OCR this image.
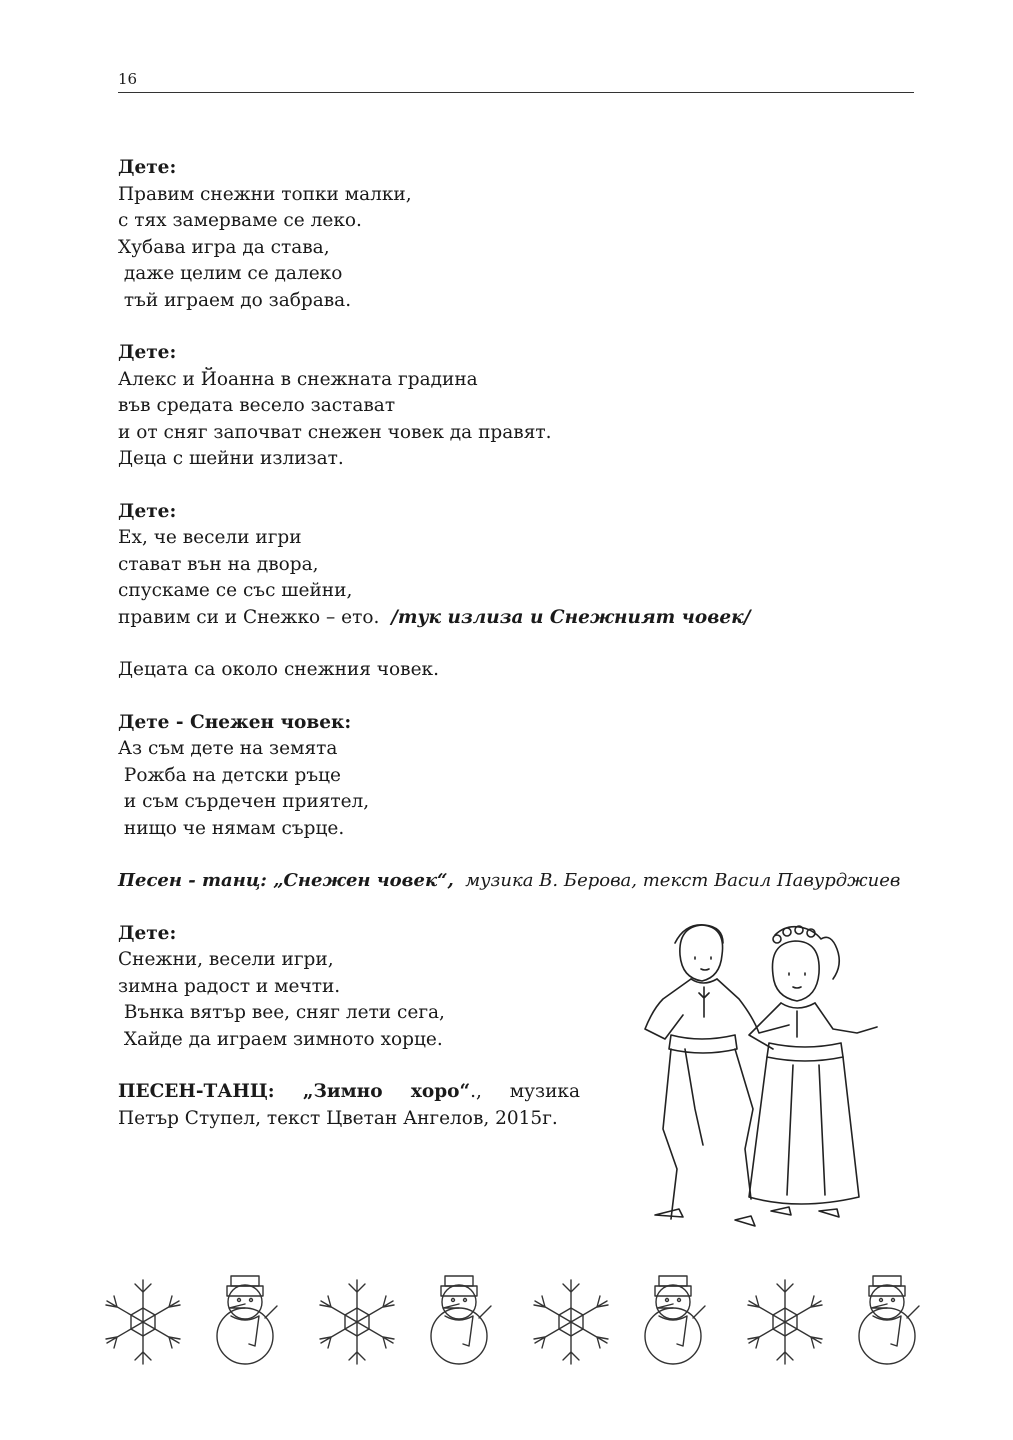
16
Дете:
Правим снежни топки малки,
с тях замерваме се леко.
Хубава игра да става,
даже целим се далеко
тъй играем до забрава.
Дете:
Алекс и Йоанна в снежната градина
във средата весело застават
и от сняг започват снежен човек да правят.
Деца с шейни излизат.
Дете:
Ех, че весели игри
стават вън на двора,
спускаме се със шейни,
правим си и Снежко – ето.  /тук излиза и Снежният човек/
Децата са около снежния човек.
Дете - Снежен човек:
Аз съм дете на земята
Рожба на детски ръце
и съм сърдечен приятел,
нищо че нямам сърце.
Песен - танц: „Снежен човек“,  музика В. Берова, текст Васил Павурджиев
Дете:
Снежни, весели игри,
зимна радост и мечти.
Вънка вятър вее, сняг лети сега,
Хайде да играем зимното хорце.
ПЕСЕН-ТАНЦ: „Зимно хоро“., музика Петър Ступел, текст Цветан Ангелов, 2015г.
